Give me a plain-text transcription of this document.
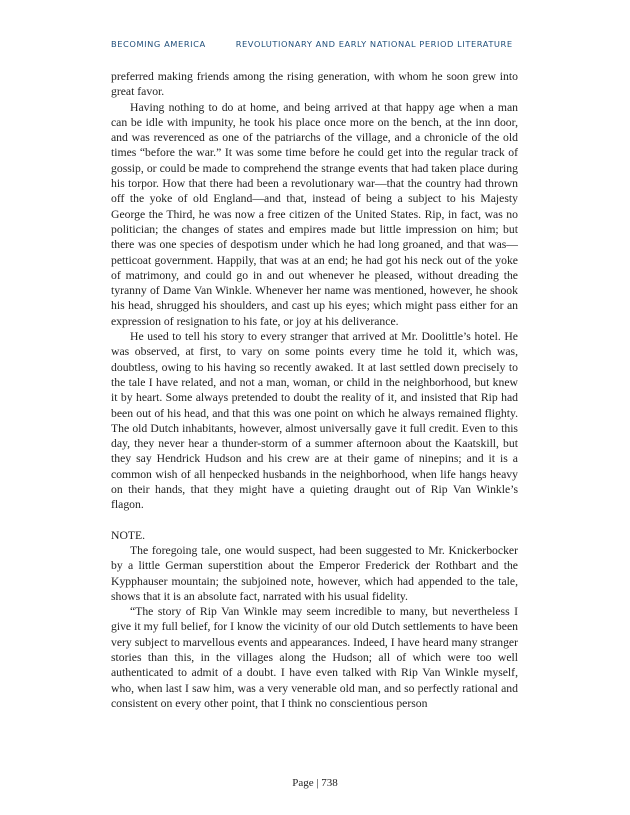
BECOMING AMERICA	REVOLUTIONARY AND EARLY NATIONAL PERIOD LITERATURE

preferred making friends among the rising generation, with whom he soon grew into great favor.

Having nothing to do at home, and being arrived at that happy age when a man can be idle with impunity, he took his place once more on the bench, at the inn door, and was reverenced as one of the patriarchs of the village, and a chronicle of the old times “before the war.” It was some time before he could get into the regular track of gossip, or could be made to comprehend the strange events that had taken place during his torpor. How that there had been a revolutionary war—that the country had thrown off the yoke of old England—and that, instead of being a subject to his Majesty George the Third, he was now a free citizen of the United States. Rip, in fact, was no politician; the changes of states and empires made but little impression on him; but there was one species of despotism under which he had long groaned, and that was—petticoat government. Happily, that was at an end; he had got his neck out of the yoke of matrimony, and could go in and out whenever he pleased, without dreading the tyranny of Dame Van Winkle. Whenever her name was mentioned, however, he shook his head, shrugged his shoulders, and cast up his eyes; which might pass either for an expression of resignation to his fate, or joy at his deliverance.

He used to tell his story to every stranger that arrived at Mr. Doolittle’s hotel. He was observed, at first, to vary on some points every time he told it, which was, doubtless, owing to his having so recently awaked. It at last settled down precisely to the tale I have related, and not a man, woman, or child in the neighborhood, but knew it by heart. Some always pretended to doubt the reality of it, and insisted that Rip had been out of his head, and that this was one point on which he always remained flighty. The old Dutch inhabitants, however, almost universally gave it full credit. Even to this day, they never hear a thunder-storm of a summer afternoon about the Kaatskill, but they say Hendrick Hudson and his crew are at their game of ninepins; and it is a common wish of all henpecked husbands in the neighborhood, when life hangs heavy on their hands, that they might have a quieting draught out of Rip Van Winkle’s flagon.

NOTE.

The foregoing tale, one would suspect, had been suggested to Mr. Knickerbocker by a little German superstition about the Emperor Frederick der Rothbart and the Kypphauser mountain; the subjoined note, however, which had appended to the tale, shows that it is an absolute fact, narrated with his usual fidelity.

“The story of Rip Van Winkle may seem incredible to many, but nevertheless I give it my full belief, for I know the vicinity of our old Dutch settlements to have been very subject to marvellous events and appearances. Indeed, I have heard many stranger stories than this, in the villages along the Hudson; all of which were too well authenticated to admit of a doubt. I have even talked with Rip Van Winkle myself, who, when last I saw him, was a very venerable old man, and so perfectly rational and consistent on every other point, that I think no conscientious person

Page | 738
